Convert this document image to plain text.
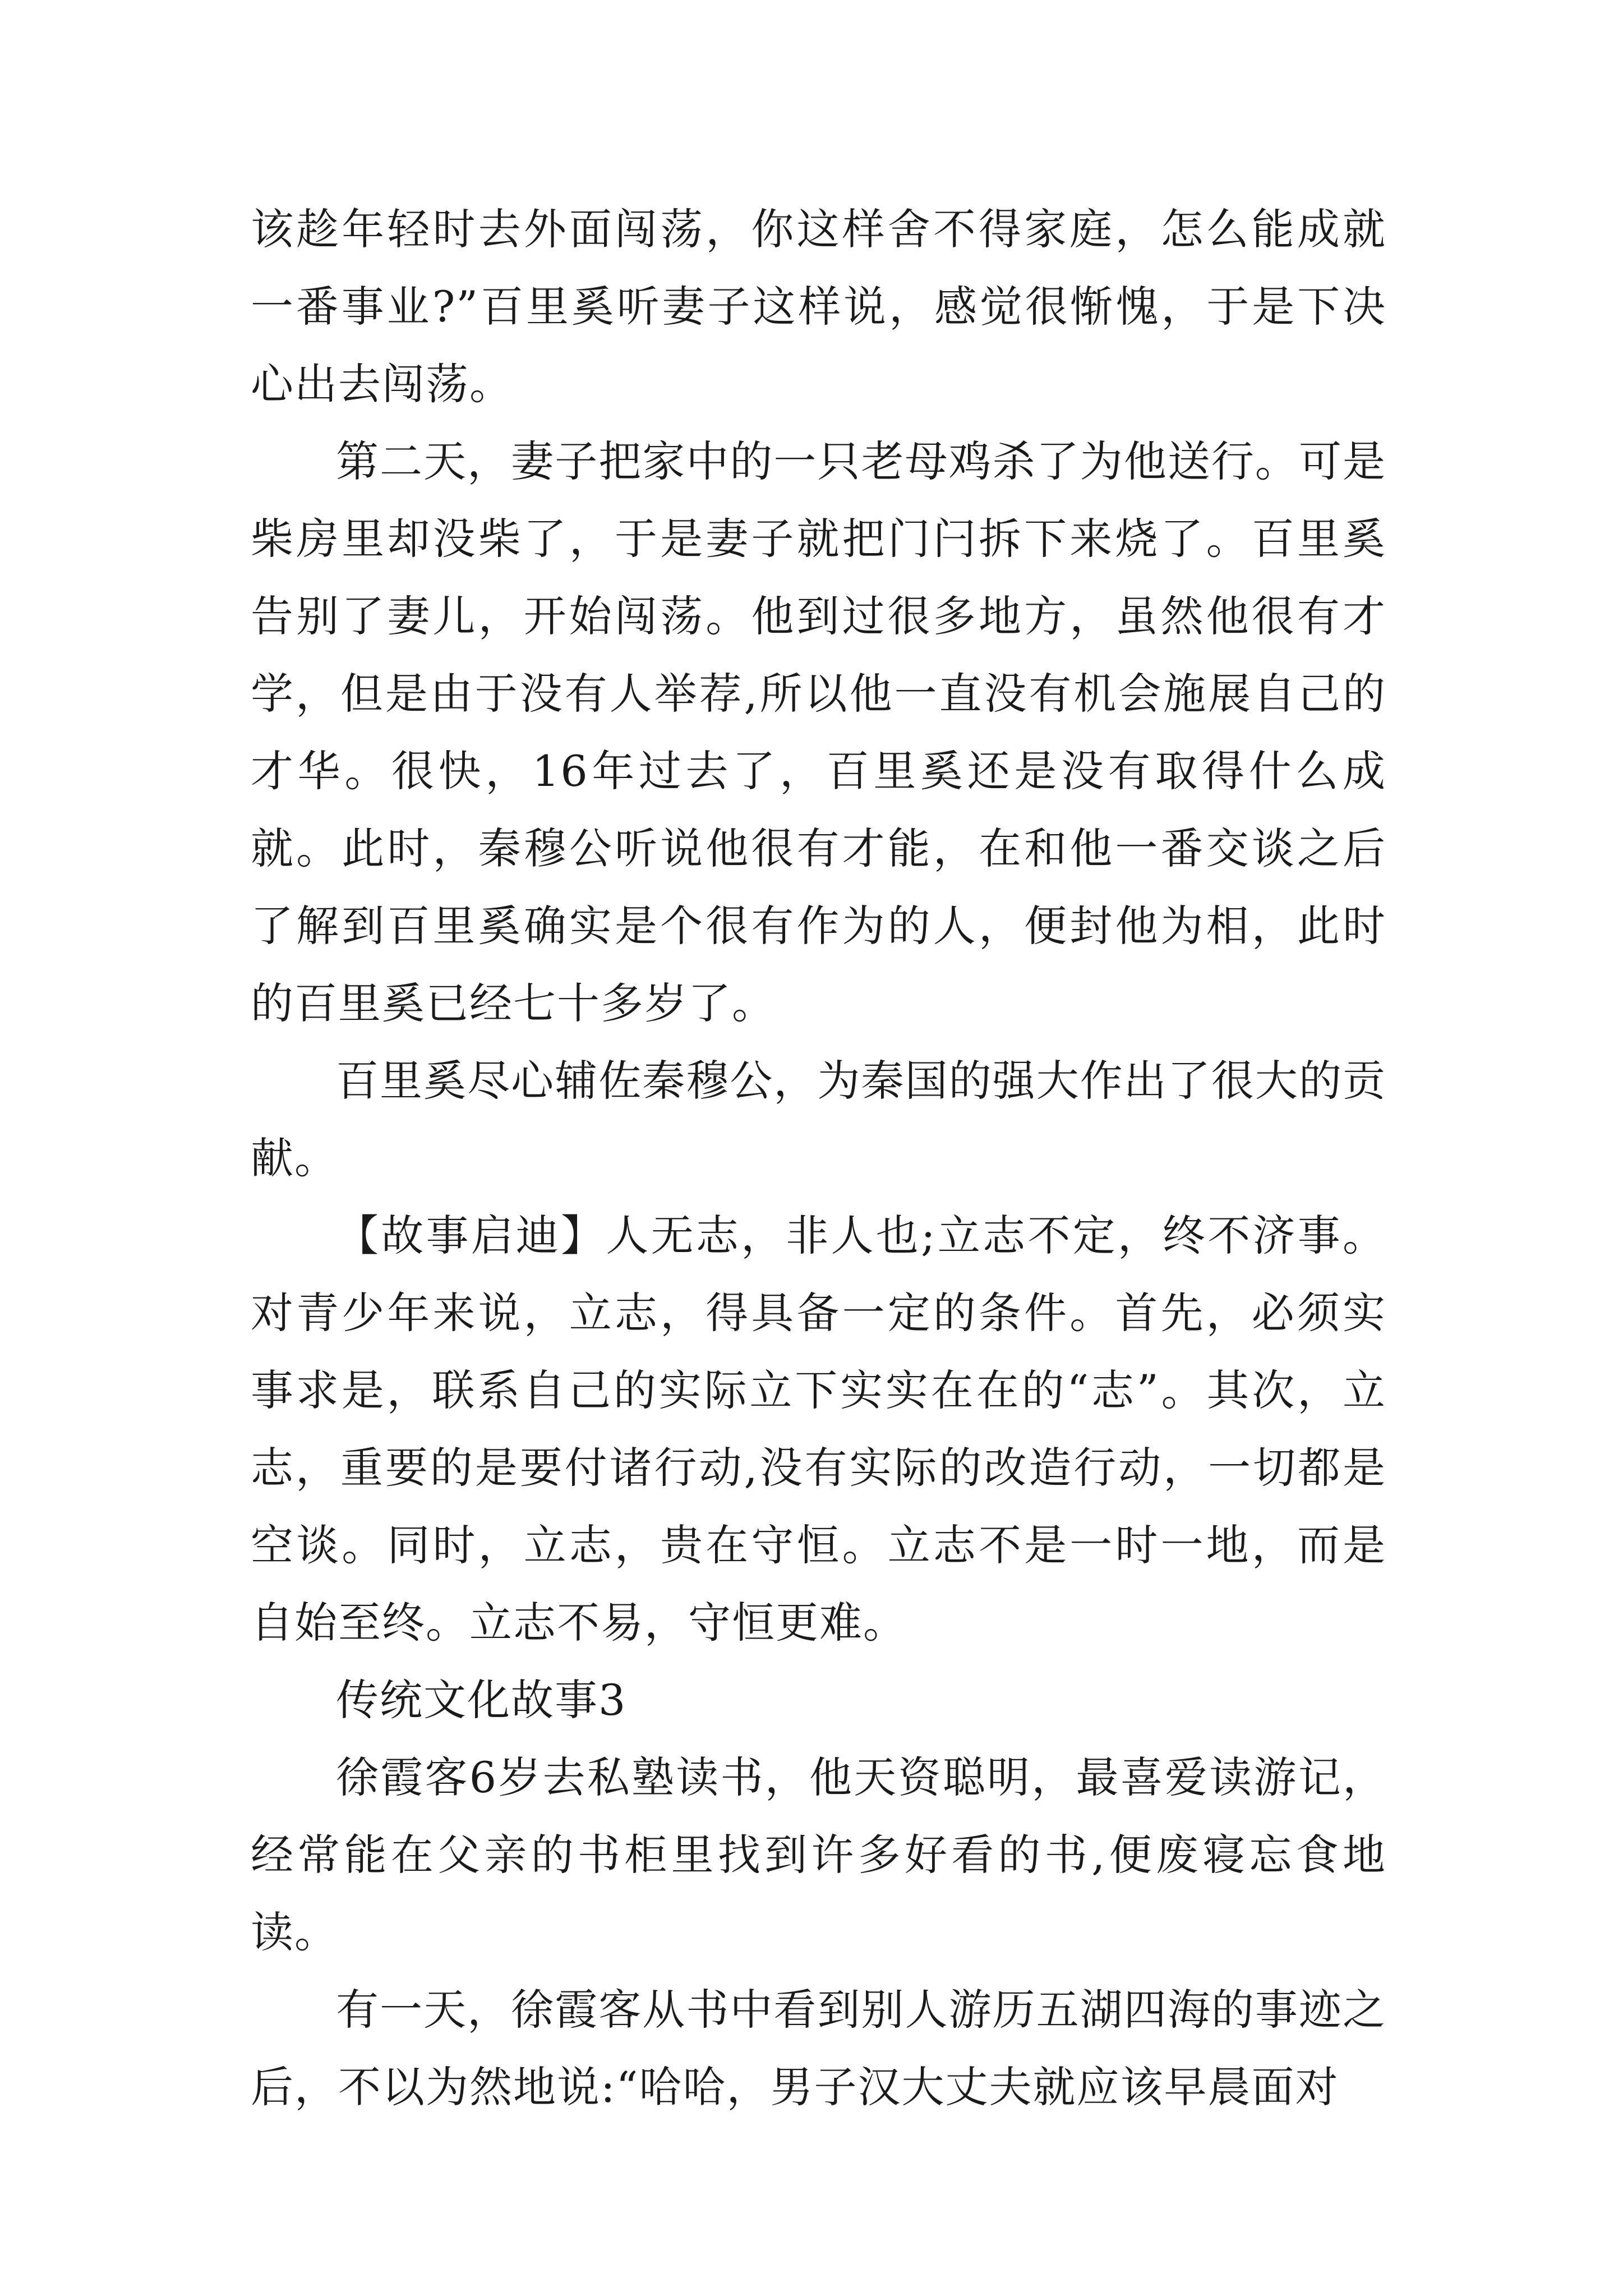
该趁年轻时去外面闯荡，你这样舍不得家庭，怎么能成就一番事业?”百里奚听妻子这样说，感觉很惭愧，于是下决心出去闯荡。

第二天，妻子把家中的一只老母鸡杀了为他送行。可是柴房里却没柴了，于是妻子就把门闩拆下来烧了。百里奚告别了妻儿，开始闯荡。他到过很多地方，虽然他很有才学，但是由于没有人举荐,所以他一直没有机会施展自己的才华。很快，16年过去了，百里奚还是没有取得什么成就。此时，秦穆公听说他很有才能，在和他一番交谈之后了解到百里奚确实是个很有作为的人，便封他为相，此时的百里奚已经七十多岁了。

百里奚尽心辅佐秦穆公，为秦国的强大作出了很大的贡献。

【故事启迪】人无志，非人也;立志不定，终不济事。对青少年来说，立志，得具备一定的条件。首先，必须实事求是，联系自己的实际立下实实在在的“志”。其次，立志，重要的是要付诸行动,没有实际的改造行动，一切都是空谈。同时，立志，贵在守恒。立志不是一时一地，而是自始至终。立志不易，守恒更难。

传统文化故事3

徐霞客6岁去私塾读书，他天资聪明，最喜爱读游记，经常能在父亲的书柜里找到许多好看的书,便废寝忘食地读。

有一天，徐霞客从书中看到别人游历五湖四海的事迹之后，不以为然地说:“哈哈，男子汉大丈夫就应该早晨面对
